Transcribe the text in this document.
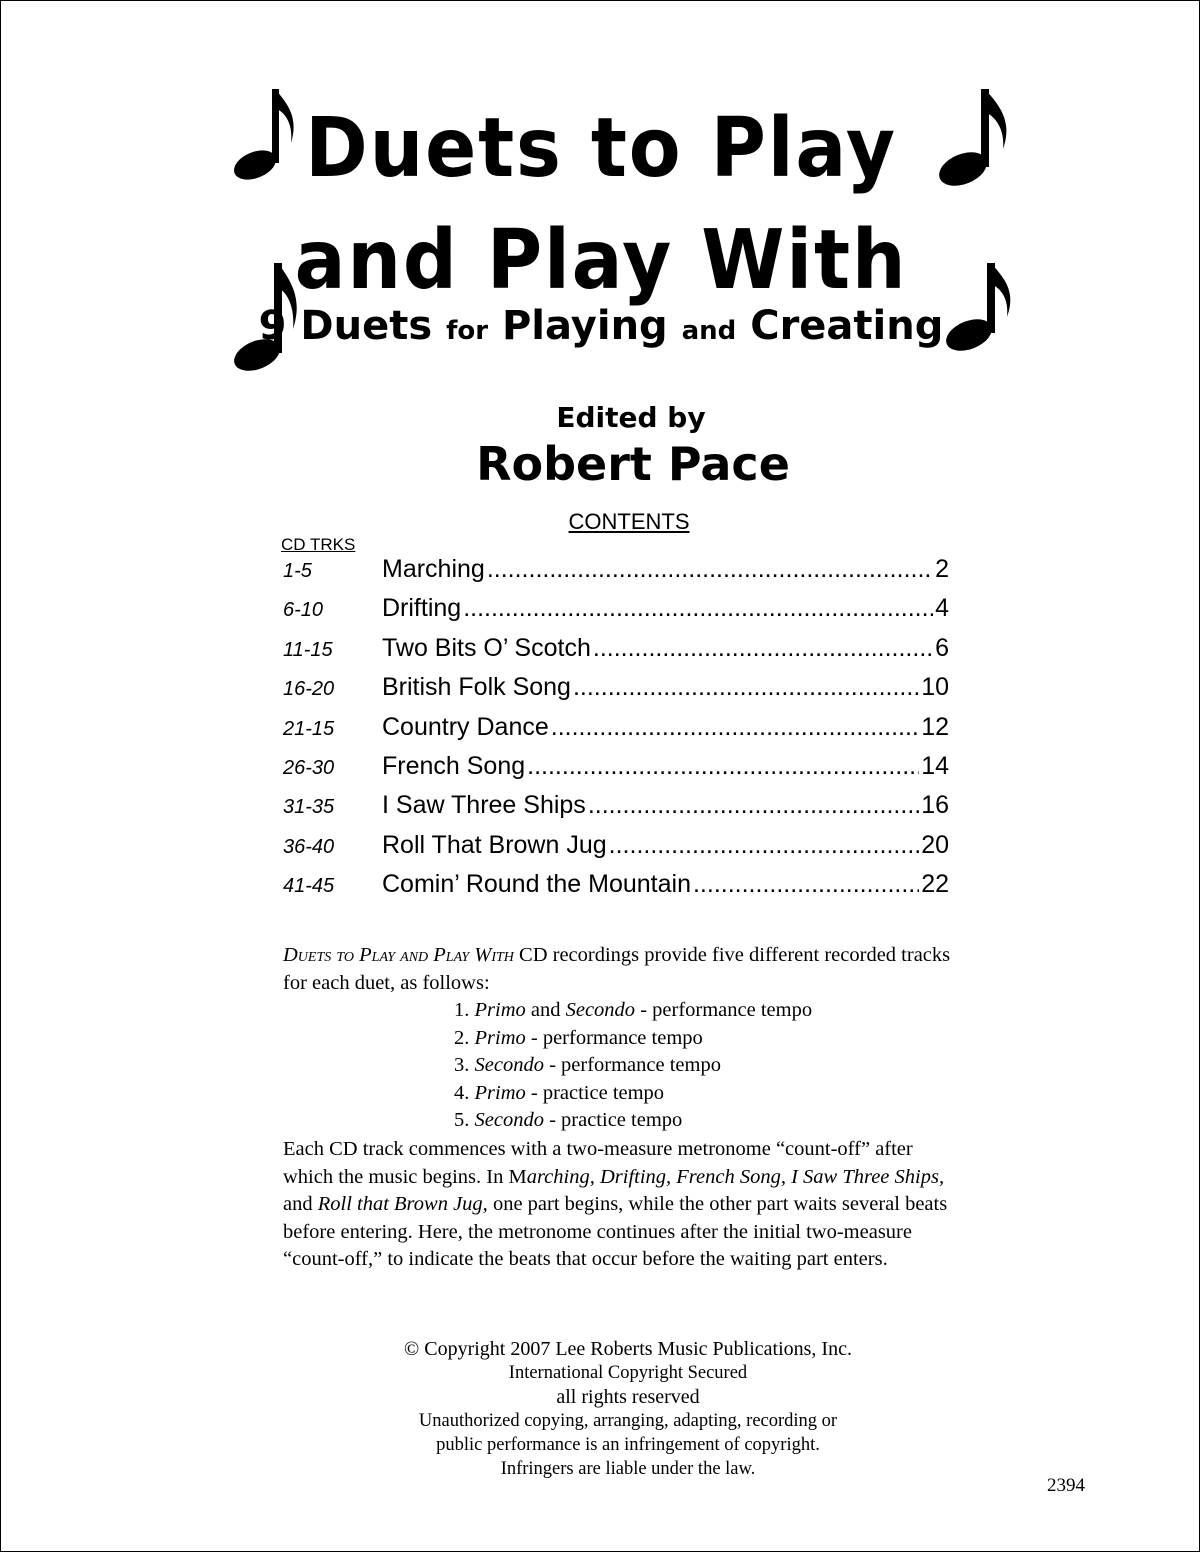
Duets to Play
and Play With
9 Duets for Playing and Creating
Edited by
Robert Pace
CONTENTS
CD TRKS
1-5	Marching .....	2
6-10	Drifting .....	4
11-15	Two Bits O’ Scotch .....	6
16-20	British Folk Song .....	10
21-15	Country Dance .....	12
26-30	French Song .....	14
31-35	I Saw Three Ships .....	16
36-40	Roll That Brown Jug .....	20
41-45	Comin’ Round the Mountain .....	22
Duets to Play and Play With CD recordings provide five different recorded tracks for each duet, as follows:
1. Primo and Secondo - performance tempo
2. Primo - performance tempo
3. Secondo - performance tempo
4. Primo - practice tempo
5. Secondo - practice tempo
Each CD track commences with a two-measure metronome “count-off” after which the music begins. In Marching, Drifting, French Song, I Saw Three Ships, and Roll that Brown Jug, one part begins, while the other part waits several beats before entering. Here, the metronome continues after the initial two-measure “count-off,” to indicate the beats that occur before the waiting part enters.
© Copyright 2007 Lee Roberts Music Publications, Inc.
International Copyright Secured
all rights reserved
Unauthorized copying, arranging, adapting, recording or
public performance is an infringement of copyright.
Infringers are liable under the law.
2394
